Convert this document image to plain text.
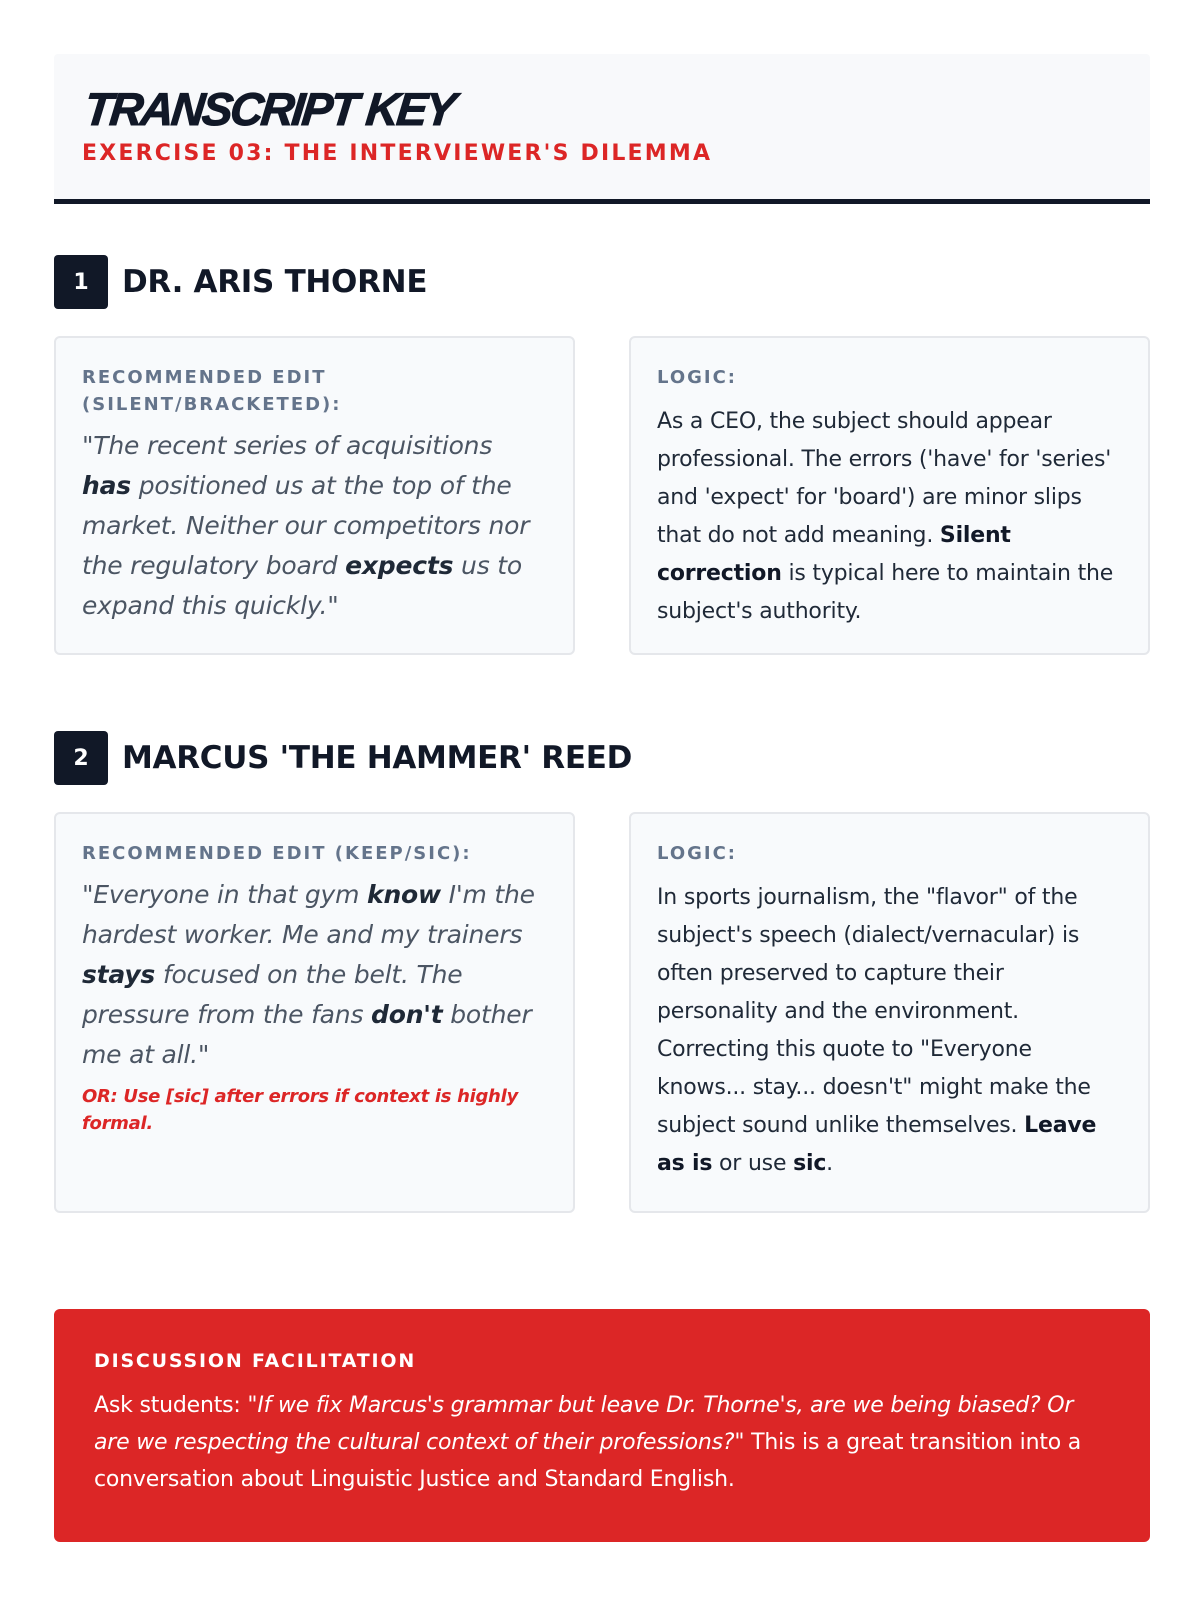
TRANSCRIPT KEY
EXERCISE 03: THE INTERVIEWER'S DILEMMA
1	DR. ARIS THORNE
RECOMMENDED EDIT (SILENT/BRACKETED):
"The recent series of acquisitions has positioned us at the top of the market. Neither our competitors nor the regulatory board expects us to expand this quickly."
LOGIC:
As a CEO, the subject should appear professional. The errors ('have' for 'series' and 'expect' for 'board') are minor slips that do not add meaning. Silent correction is typical here to maintain the subject's authority.
2	MARCUS 'THE HAMMER' REED
RECOMMENDED EDIT (KEEP/SIC):
"Everyone in that gym know I'm the hardest worker. Me and my trainers stays focused on the belt. The pressure from the fans don't bother me at all."
OR: Use [sic] after errors if context is highly formal.
LOGIC:
In sports journalism, the "flavor" of the subject's speech (dialect/vernacular) is often preserved to capture their personality and the environment. Correcting this quote to "Everyone knows... stay... doesn't" might make the subject sound unlike themselves. Leave as is or use sic.
DISCUSSION FACILITATION
Ask students: "If we fix Marcus's grammar but leave Dr. Thorne's, are we being biased? Or are we respecting the cultural context of their professions?" This is a great transition into a conversation about Linguistic Justice and Standard English.
